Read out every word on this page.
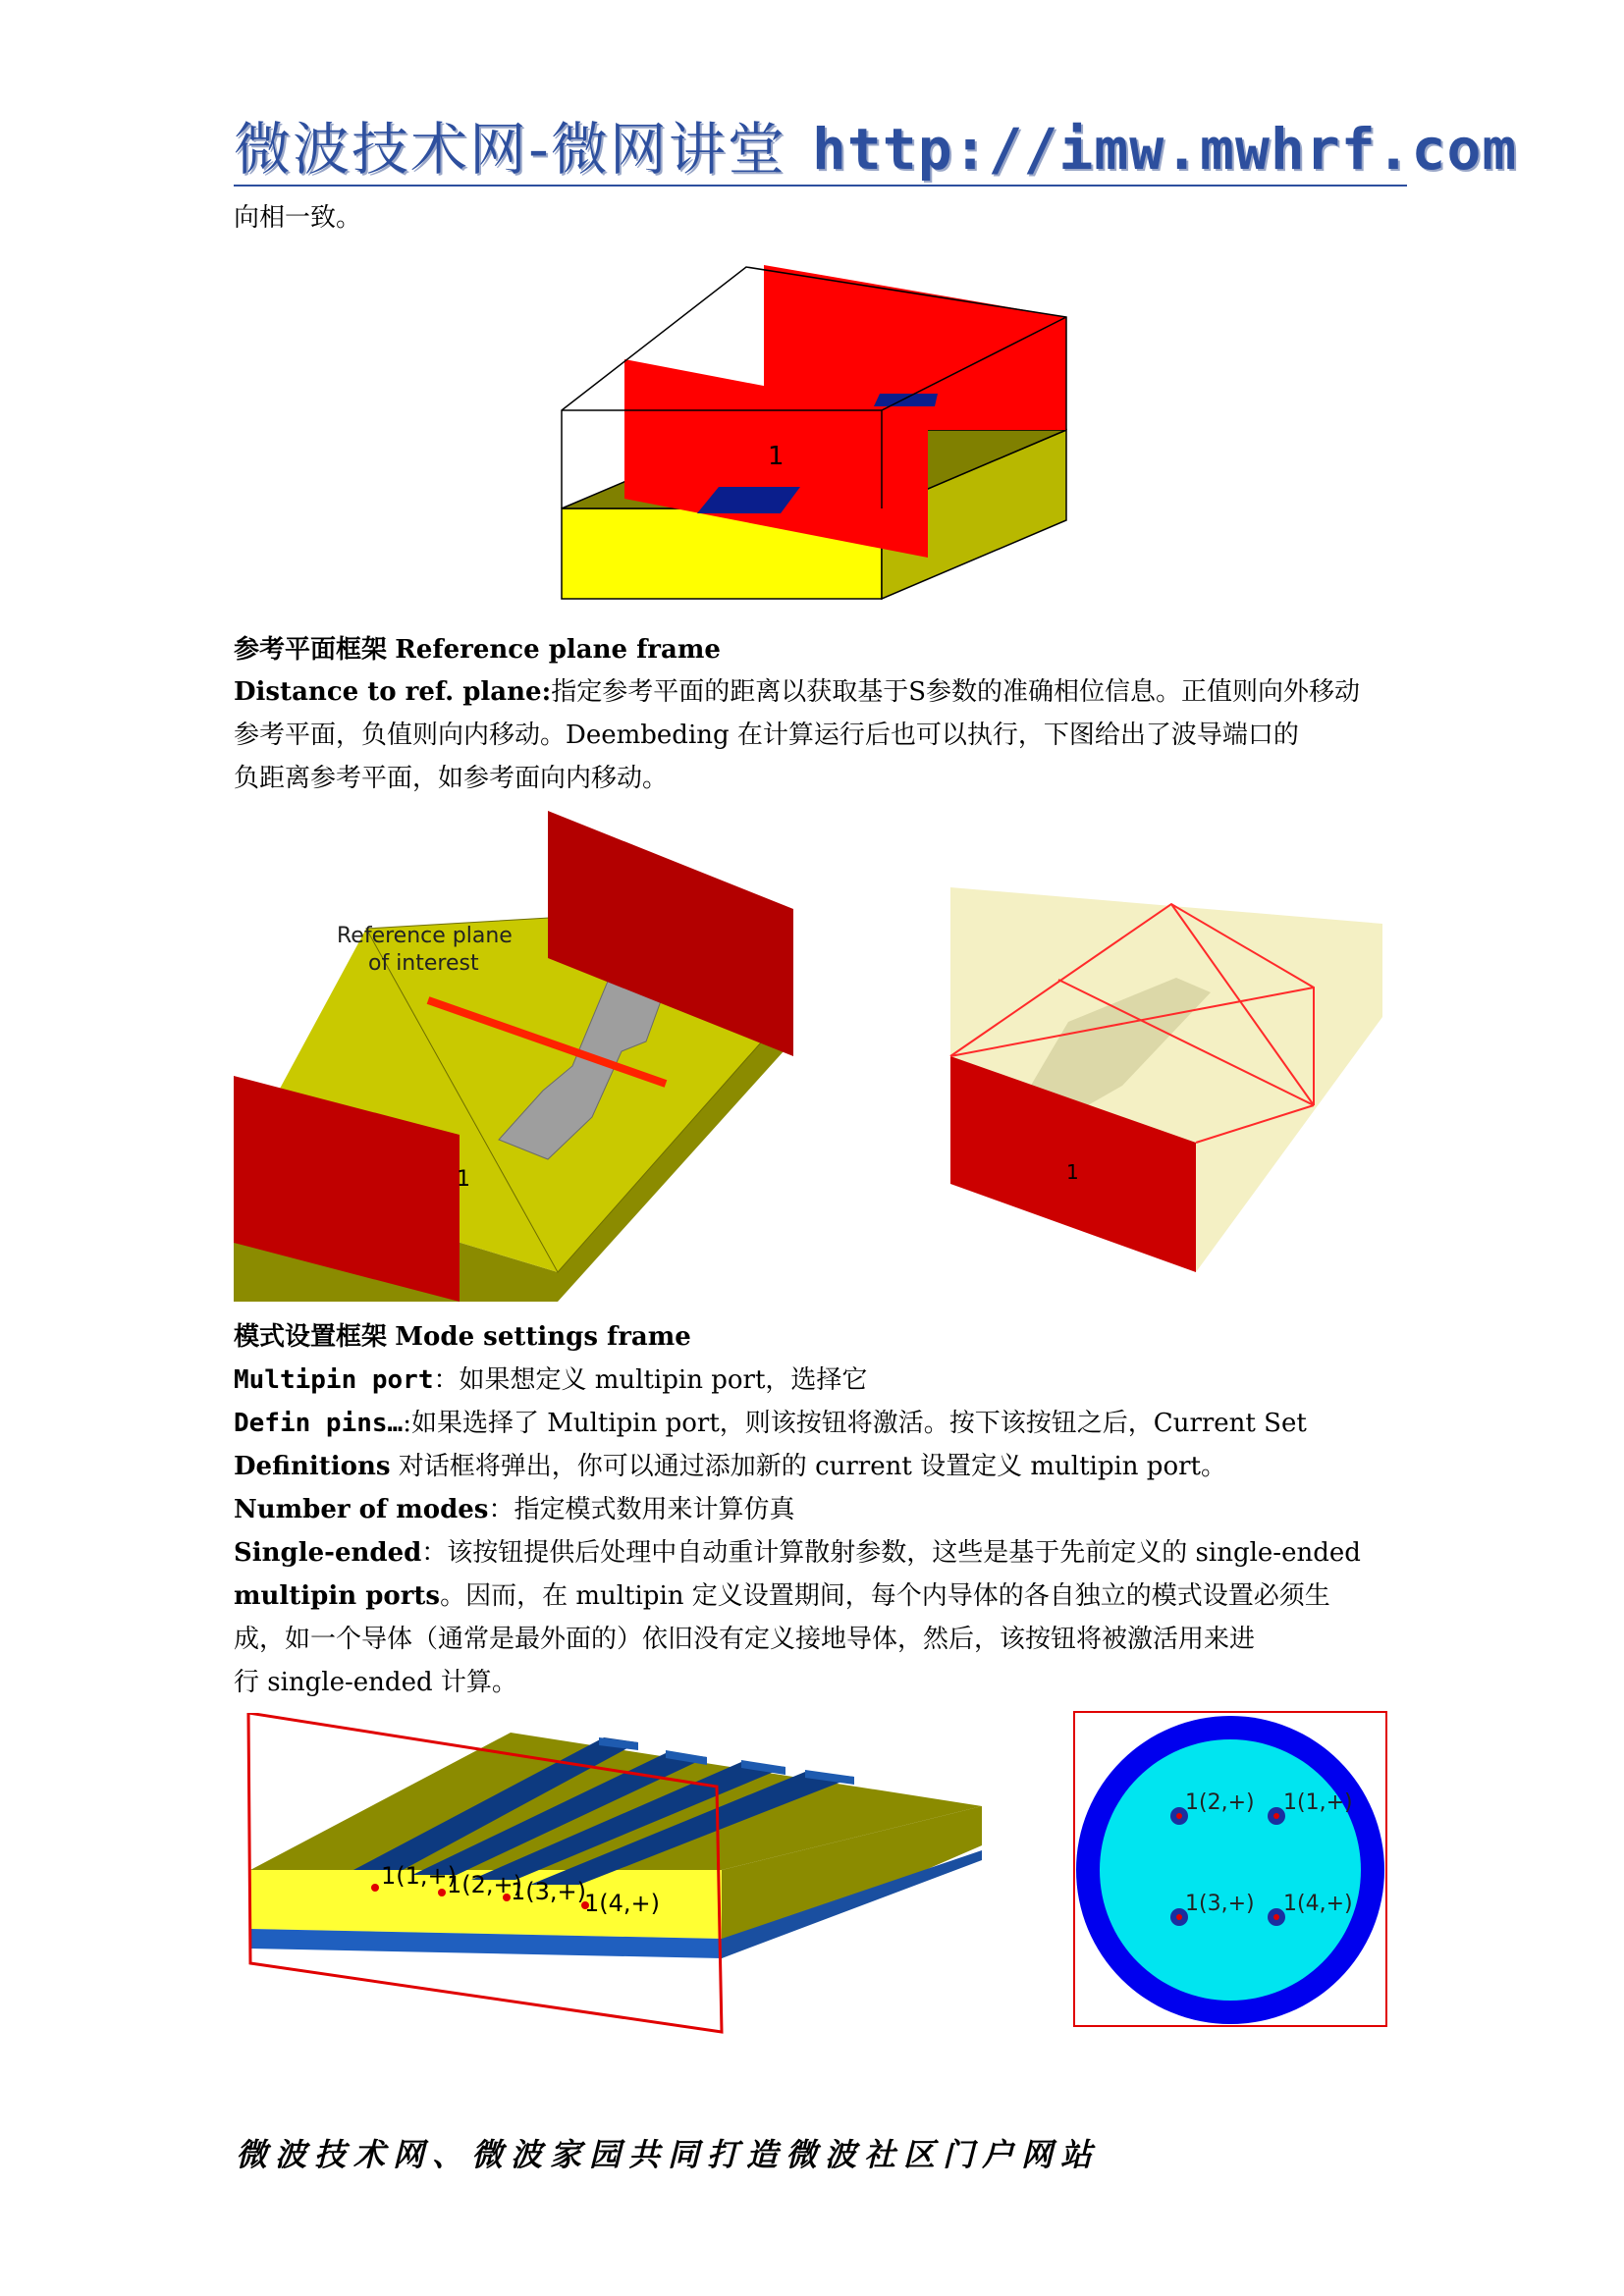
微波技术网-微网讲堂 http://imw.mwhrf.com
向相一致。
1
参考平面框架 Reference plane frame
Distance to ref. plane:指定参考平面的距离以获取基于S参数的准确相位信息。正值则向外移动
参考平面，负值则向内移动。Deembeding 在计算运行后也可以执行，下图给出了波导端口的
负距离参考平面，如参考面向内移动。
Reference plane
of interest
1	1
模式设置框架 Mode settings frame
Multipin port：如果想定义 multipin port，选择它
Defin pins…:如果选择了 Multipin port，则该按钮将激活。按下该按钮之后，Current Set
Definitions 对话框将弹出，你可以通过添加新的 current 设置定义 multipin port。
Number of modes：指定模式数用来计算仿真
Single-ended：该按钮提供后处理中自动重计算散射参数，这些是基于先前定义的 single-ended
multipin ports。因而，在 multipin 定义设置期间，每个内导体的各自独立的模式设置必须生
成，如一个导体（通常是最外面的）依旧没有定义接地导体，然后，该按钮将被激活用来进
行 single-ended 计算。
1(1,+)
1(2,+)
1(3,+)
1(4,+)
1(2,+) 1(1,+)
1(3,+) 1(4,+)
微波技术网、微波家园共同打造微波社区门户网站
